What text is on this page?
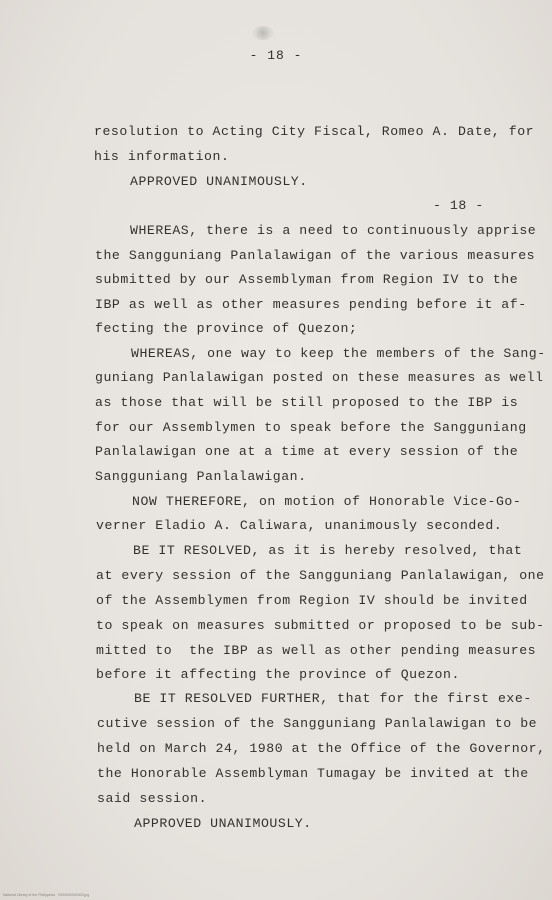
- 18 -
resolution to Acting City Fiscal, Romeo A. Date, for
his information.
APPROVED UNANIMOUSLY.
- 18 -
WHEREAS, there is a need to continuously apprise
the Sangguniang Panlalawigan of the various measures
submitted by our Assemblyman from Region IV to the
IBP as well as other measures pending before it af-
fecting the province of Quezon;
WHEREAS, one way to keep the members of the Sang-
guniang Panlalawigan posted on these measures as well
as those that will be still proposed to the IBP is
for our Assemblymen to speak before the Sangguniang
Panlalawigan one at a time at every session of the
Sangguniang Panlalawigan.
NOW THEREFORE, on motion of Honorable Vice-Go-
verner Eladio A. Caliwara, unanimously seconded.
BE IT RESOLVED, as it is hereby resolved, that
at every session of the Sangguniang Panlalawigan, one
of the Assemblymen from Region IV should be invited
to speak on measures submitted or proposed to be sub-
mitted to  the IBP as well as other pending measures
before it affecting the province of Quezon.
BE IT RESOLVED FURTHER, that for the first exe-
cutive session of the Sangguniang Panlalawigan to be
held on March 24, 1980 at the Office of the Governor,
the Honorable Assemblyman Tumagay be invited at the
said session.
APPROVED UNANIMOUSLY.
National Library of the Philippines · 2000000000000.jpg
